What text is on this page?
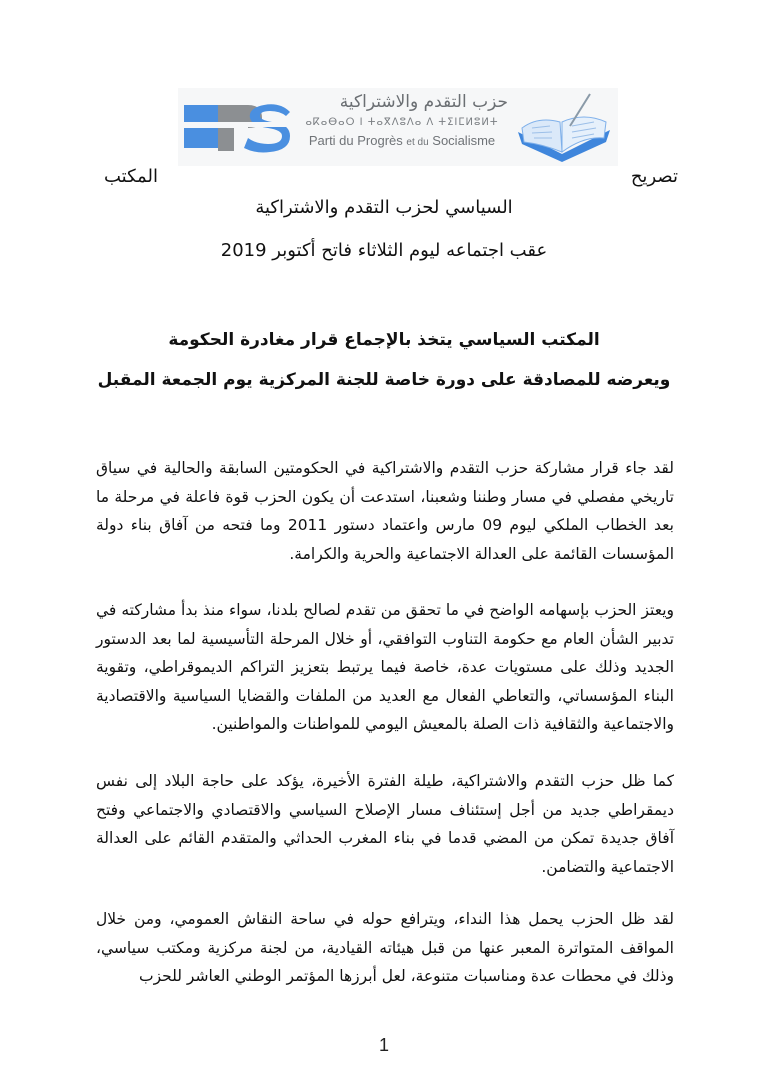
حزب التقدم والاشتراكية
ⴰⴽⴰⴱⴰⵔ ⵏ ⵜⴰⴳⴷⵓⴷⴰ ⴷ ⵜⵉⵏⵎⵍⵓⵍⵜ
Parti du Progrès et du Socialisme
تصريح
المكتب
السياسي لحزب التقدم والاشتراكية
عقب اجتماعه ليوم الثلاثاء فاتح أكتوبر 2019
المكتب السياسي يتخذ بالإجماع قرار مغادرة الحكومة
ويعرضه للمصادقة على دورة خاصة للجنة المركزية يوم الجمعة المقبل

لقد جاء قرار مشاركة حزب التقدم والاشتراكية في الحكومتين السابقة والحالية في سياق تاريخي مفصلي في مسار وطننا وشعبنا، استدعت أن يكون الحزب قوة فاعلة في مرحلة ما بعد الخطاب الملكي ليوم 09 مارس واعتماد دستور 2011 وما فتحه من آفاق بناء دولة المؤسسات القائمة على العدالة الاجتماعية والحرية والكرامة.

ويعتز الحزب بإسهامه الواضح في ما تحقق من تقدم لصالح بلدنا، سواء منذ بدأ مشاركته في تدبير الشأن العام مع حكومة التناوب التوافقي، أو خلال المرحلة التأسيسية لما بعد الدستور الجديد وذلك على مستويات عدة، خاصة فيما يرتبط بتعزيز التراكم الديموقراطي، وتقوية البناء المؤسساتي، والتعاطي الفعال مع العديد من الملفات والقضايا السياسية والاقتصادية والاجتماعية والثقافية ذات الصلة بالمعيش اليومي للمواطنات والمواطنين.

كما ظل حزب التقدم والاشتراكية، طيلة الفترة الأخيرة، يؤكد على حاجة البلاد إلى نفس ديمقراطي جديد من أجل إستئناف مسار الإصلاح السياسي والاقتصادي والاجتماعي وفتح آفاق جديدة تمكن من المضي قدما في بناء المغرب الحداثي والمتقدم القائم على العدالة الاجتماعية والتضامن.

لقد ظل الحزب يحمل هذا النداء، ويترافع حوله في ساحة النقاش العمومي، ومن خلال المواقف المتواترة المعبر عنها من قبل هيئاته القيادية، من لجنة مركزية ومكتب سياسي، وذلك في محطات عدة ومناسبات متنوعة، لعل أبرزها المؤتمر الوطني العاشر للحزب

1
